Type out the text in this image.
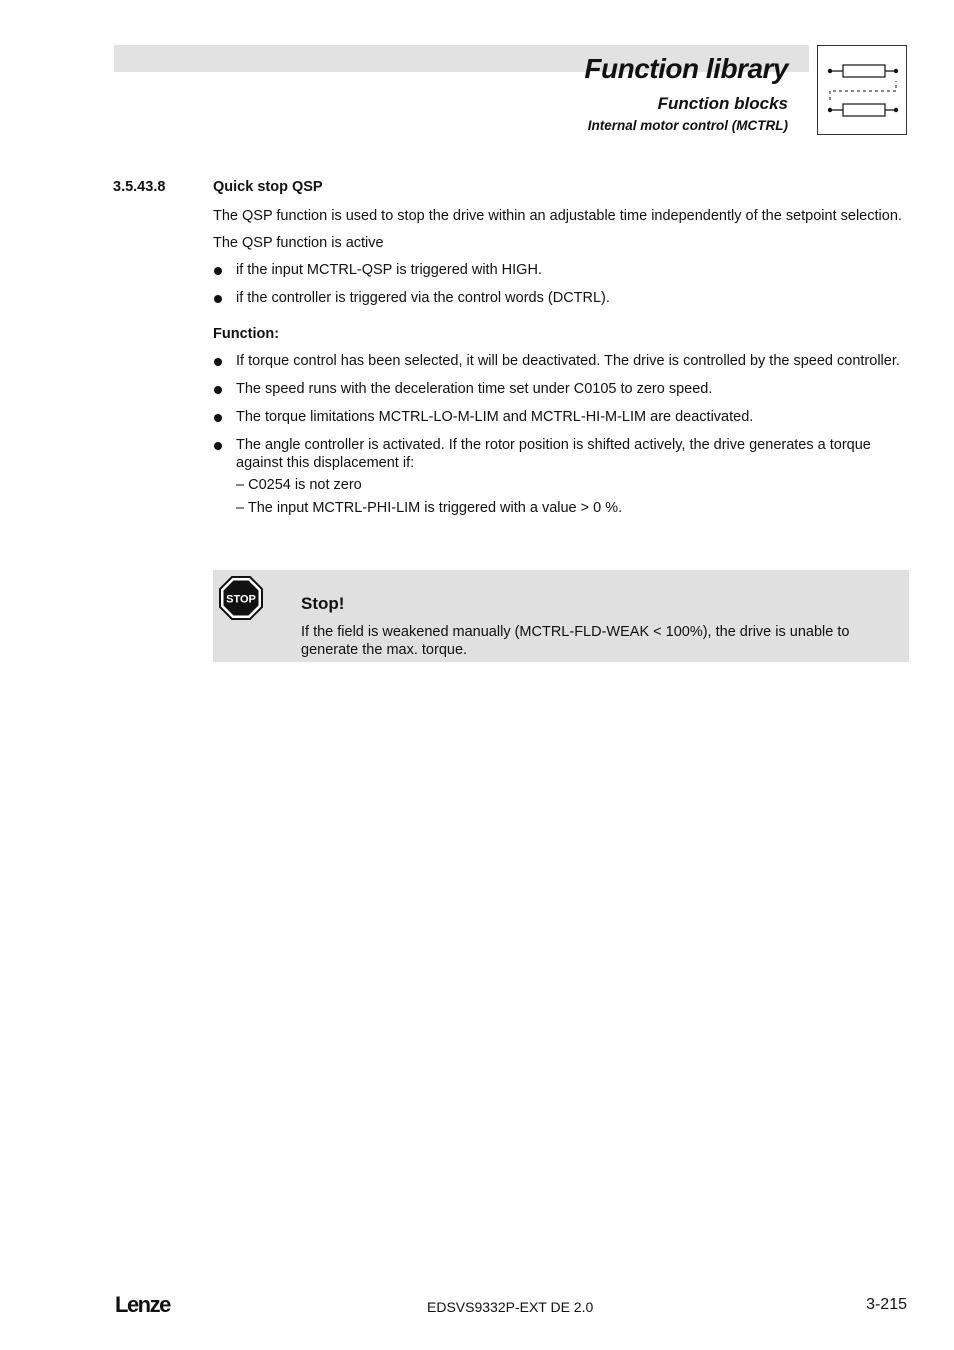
Function library
Function blocks
Internal motor control (MCTRL)
3.5.43.8	Quick stop QSP

The QSP function is used to stop the drive within an adjustable time independently of the setpoint selection.

The QSP function is active

if the input MCTRL-QSP is triggered with HIGH.
if the controller is triggered via the control words (DCTRL).

Function:

If torque control has been selected, it will be deactivated. The drive is controlled by the speed controller.
The speed runs with the deceleration time set under C0105 to zero speed.
The torque limitations MCTRL-LO-M-LIM and MCTRL-HI-M-LIM are deactivated.
The angle controller is activated. If the rotor position is shifted actively, the drive generates a torque against this displacement if:
– C0254 is not zero
– The input MCTRL-PHI-LIM is triggered with a value > 0 %.
STOP	Stop!
If the field is weakened manually (MCTRL-FLD-WEAK < 100%), the drive is unable to generate the max. torque.
Lenze	EDSVS9332P-EXT DE 2.0	3-215
